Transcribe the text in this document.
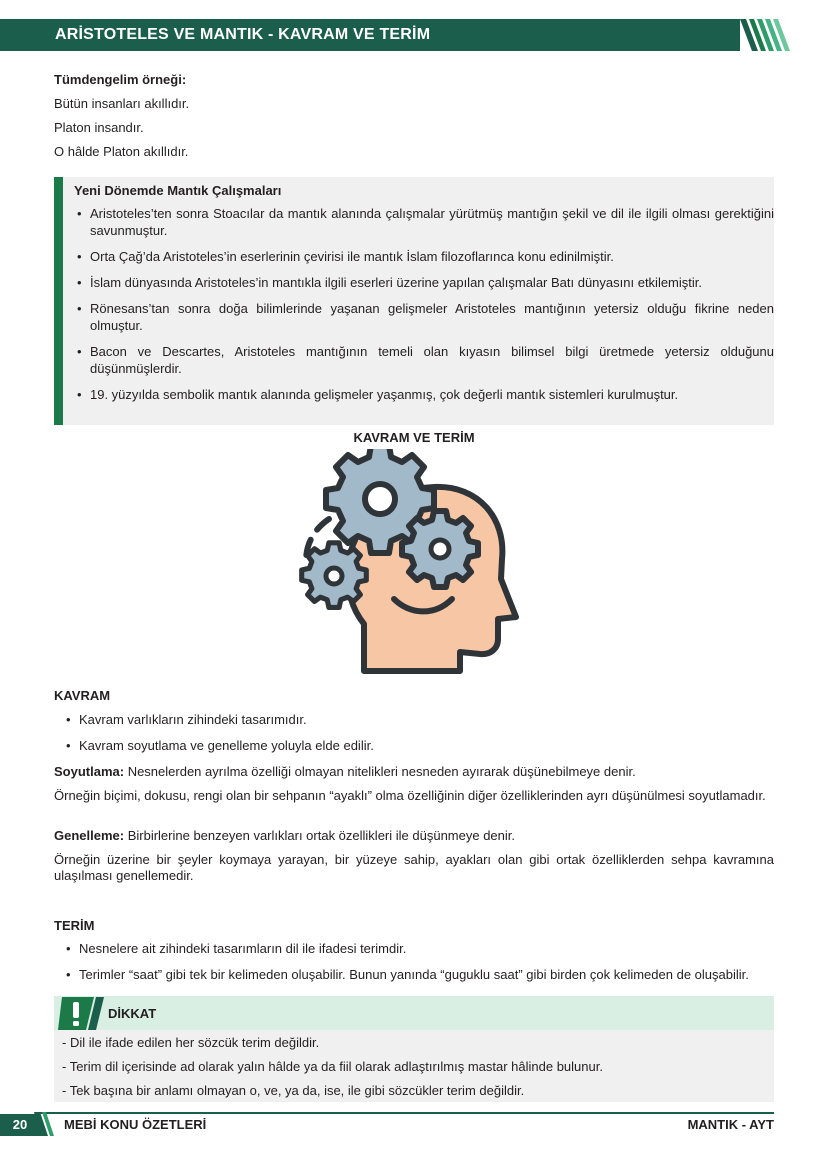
ARİSTOTELES VE MANTIK - KAVRAM VE TERİM
Tümdengelim örneği:
Bütün insanları akıllıdır.
Platon insandır.
O hâlde Platon akıllıdır.
Yeni Dönemde Mantık Çalışmaları
• Aristoteles’ten sonra Stoacılar da mantık alanında çalışmalar yürütmüş mantığın şekil ve dil ile ilgili olması gerektiğini savunmuştur.
• Orta Çağ’da Aristoteles’in eserlerinin çevirisi ile mantık İslam filozoflarınca konu edinilmiştir.
• İslam dünyasında Aristoteles’in mantıkla ilgili eserleri üzerine yapılan çalışmalar Batı dünyasını etkilemiştir.
• Rönesans’tan sonra doğa bilimlerinde yaşanan gelişmeler Aristoteles mantığının yetersiz olduğu fikrine neden olmuştur.
• Bacon ve Descartes, Aristoteles mantığının temeli olan kıyasın bilimsel bilgi üretmede yetersiz olduğunu düşünmüşlerdir.
• 19. yüzyılda sembolik mantık alanında gelişmeler yaşanmış, çok değerli mantık sistemleri kurulmuştur.
KAVRAM VE TERİM
KAVRAM
• Kavram varlıkların zihindeki tasarımıdır.
• Kavram soyutlama ve genelleme yoluyla elde edilir.
Soyutlama: Nesnelerden ayrılma özelliği olmayan nitelikleri nesneden ayırarak düşünebilmeye denir.
Örneğin biçimi, dokusu, rengi olan bir sehpanın “ayaklı” olma özelliğinin diğer özelliklerinden ayrı düşünülmesi soyutlamadır.
Genelleme: Birbirlerine benzeyen varlıkları ortak özellikleri ile düşünmeye denir.
Örneğin üzerine bir şeyler koymaya yarayan, bir yüzeye sahip, ayakları olan gibi ortak özelliklerden sehpa kavramına ulaşılması genellemedir.
TERİM
• Nesnelere ait zihindeki tasarımların dil ile ifadesi terimdir.
• Terimler “saat” gibi tek bir kelimeden oluşabilir. Bunun yanında “guguklu saat” gibi birden çok kelimeden de oluşabilir.
DİKKAT
- Dil ile ifade edilen her sözcük terim değildir.
- Terim dil içerisinde ad olarak yalın hâlde ya da fiil olarak adlaştırılmış mastar hâlinde bulunur.
- Tek başına bir anlamı olmayan o, ve, ya da, ise, ile gibi sözcükler terim değildir.
20	MEBİ KONU ÖZETLERİ	MANTIK - AYT
